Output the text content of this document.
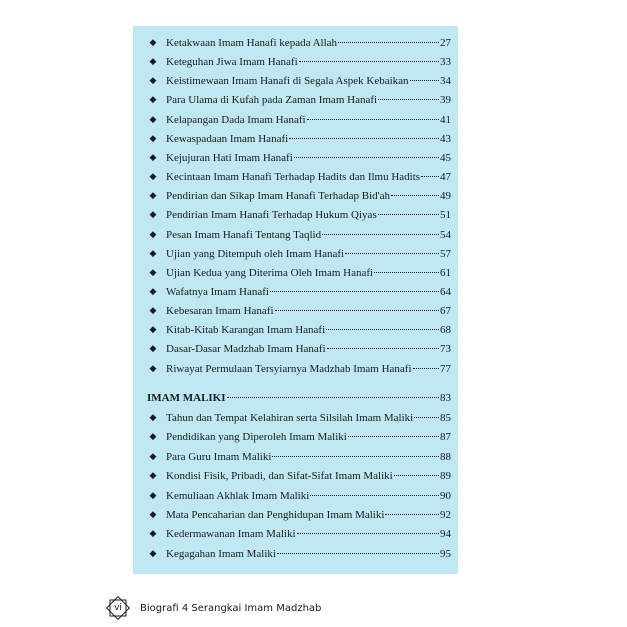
◆ Ketakwaan Imam Hanafi kepada Allah	27
◆ Keteguhan Jiwa Imam Hanafi	33
◆ Keistimewaan Imam Hanafi di Segala Aspek Kebaikan	34
◆ Para Ulama di Kufah pada Zaman Imam Hanafi	39
◆ Kelapangan Dada Imam Hanafi	41
◆ Kewaspadaan Imam Hanafi	43
◆ Kejujuran Hati Imam Hanafi	45
◆ Kecintaan Imam Hanafi Terhadap Hadits dan Ilmu Hadits 47
◆ Pendirian dan Sikap Imam Hanafi Terhadap Bid'ah	49
◆ Pendirian Imam Hanafi Terhadap Hukum Qiyas	51
◆ Pesan Imam Hanafi Tentang Taqlid	54
◆ Ujian yang Ditempuh oleh Imam Hanafi	57
◆ Ujian Kedua yang Diterima Oleh Imam Hanafi	61
◆ Wafatnya Imam Hanafi	64
◆ Kebesaran Imam Hanafi	67
◆ Kitab-Kitab Karangan Imam Hanafi	68
◆ Dasar-Dasar Madzhab Imam Hanafi	73
◆ Riwayat Permulaan Tersyiarnya Madzhab Imam Hanafi	77
IMAM MALIKI	83
◆ Tahun dan Tempat Kelahiran serta Silsilah Imam Maliki 85
◆ Pendidikan yang Diperoleh Imam Maliki	87
◆ Para Guru Imam Maliki	88
◆ Kondisi Fisik, Pribadi, dan Sifat-Sifat Imam Maliki	89
◆ Kemuliaan Akhlak Imam Maliki	90
◆ Mata Pencaharian dan Penghidupan Imam Maliki	92
◆ Kedermawanan Imam Maliki	94
◆ Kegagahan Imam Maliki	95
vi	Biografi 4 Serangkai Imam Madzhab
